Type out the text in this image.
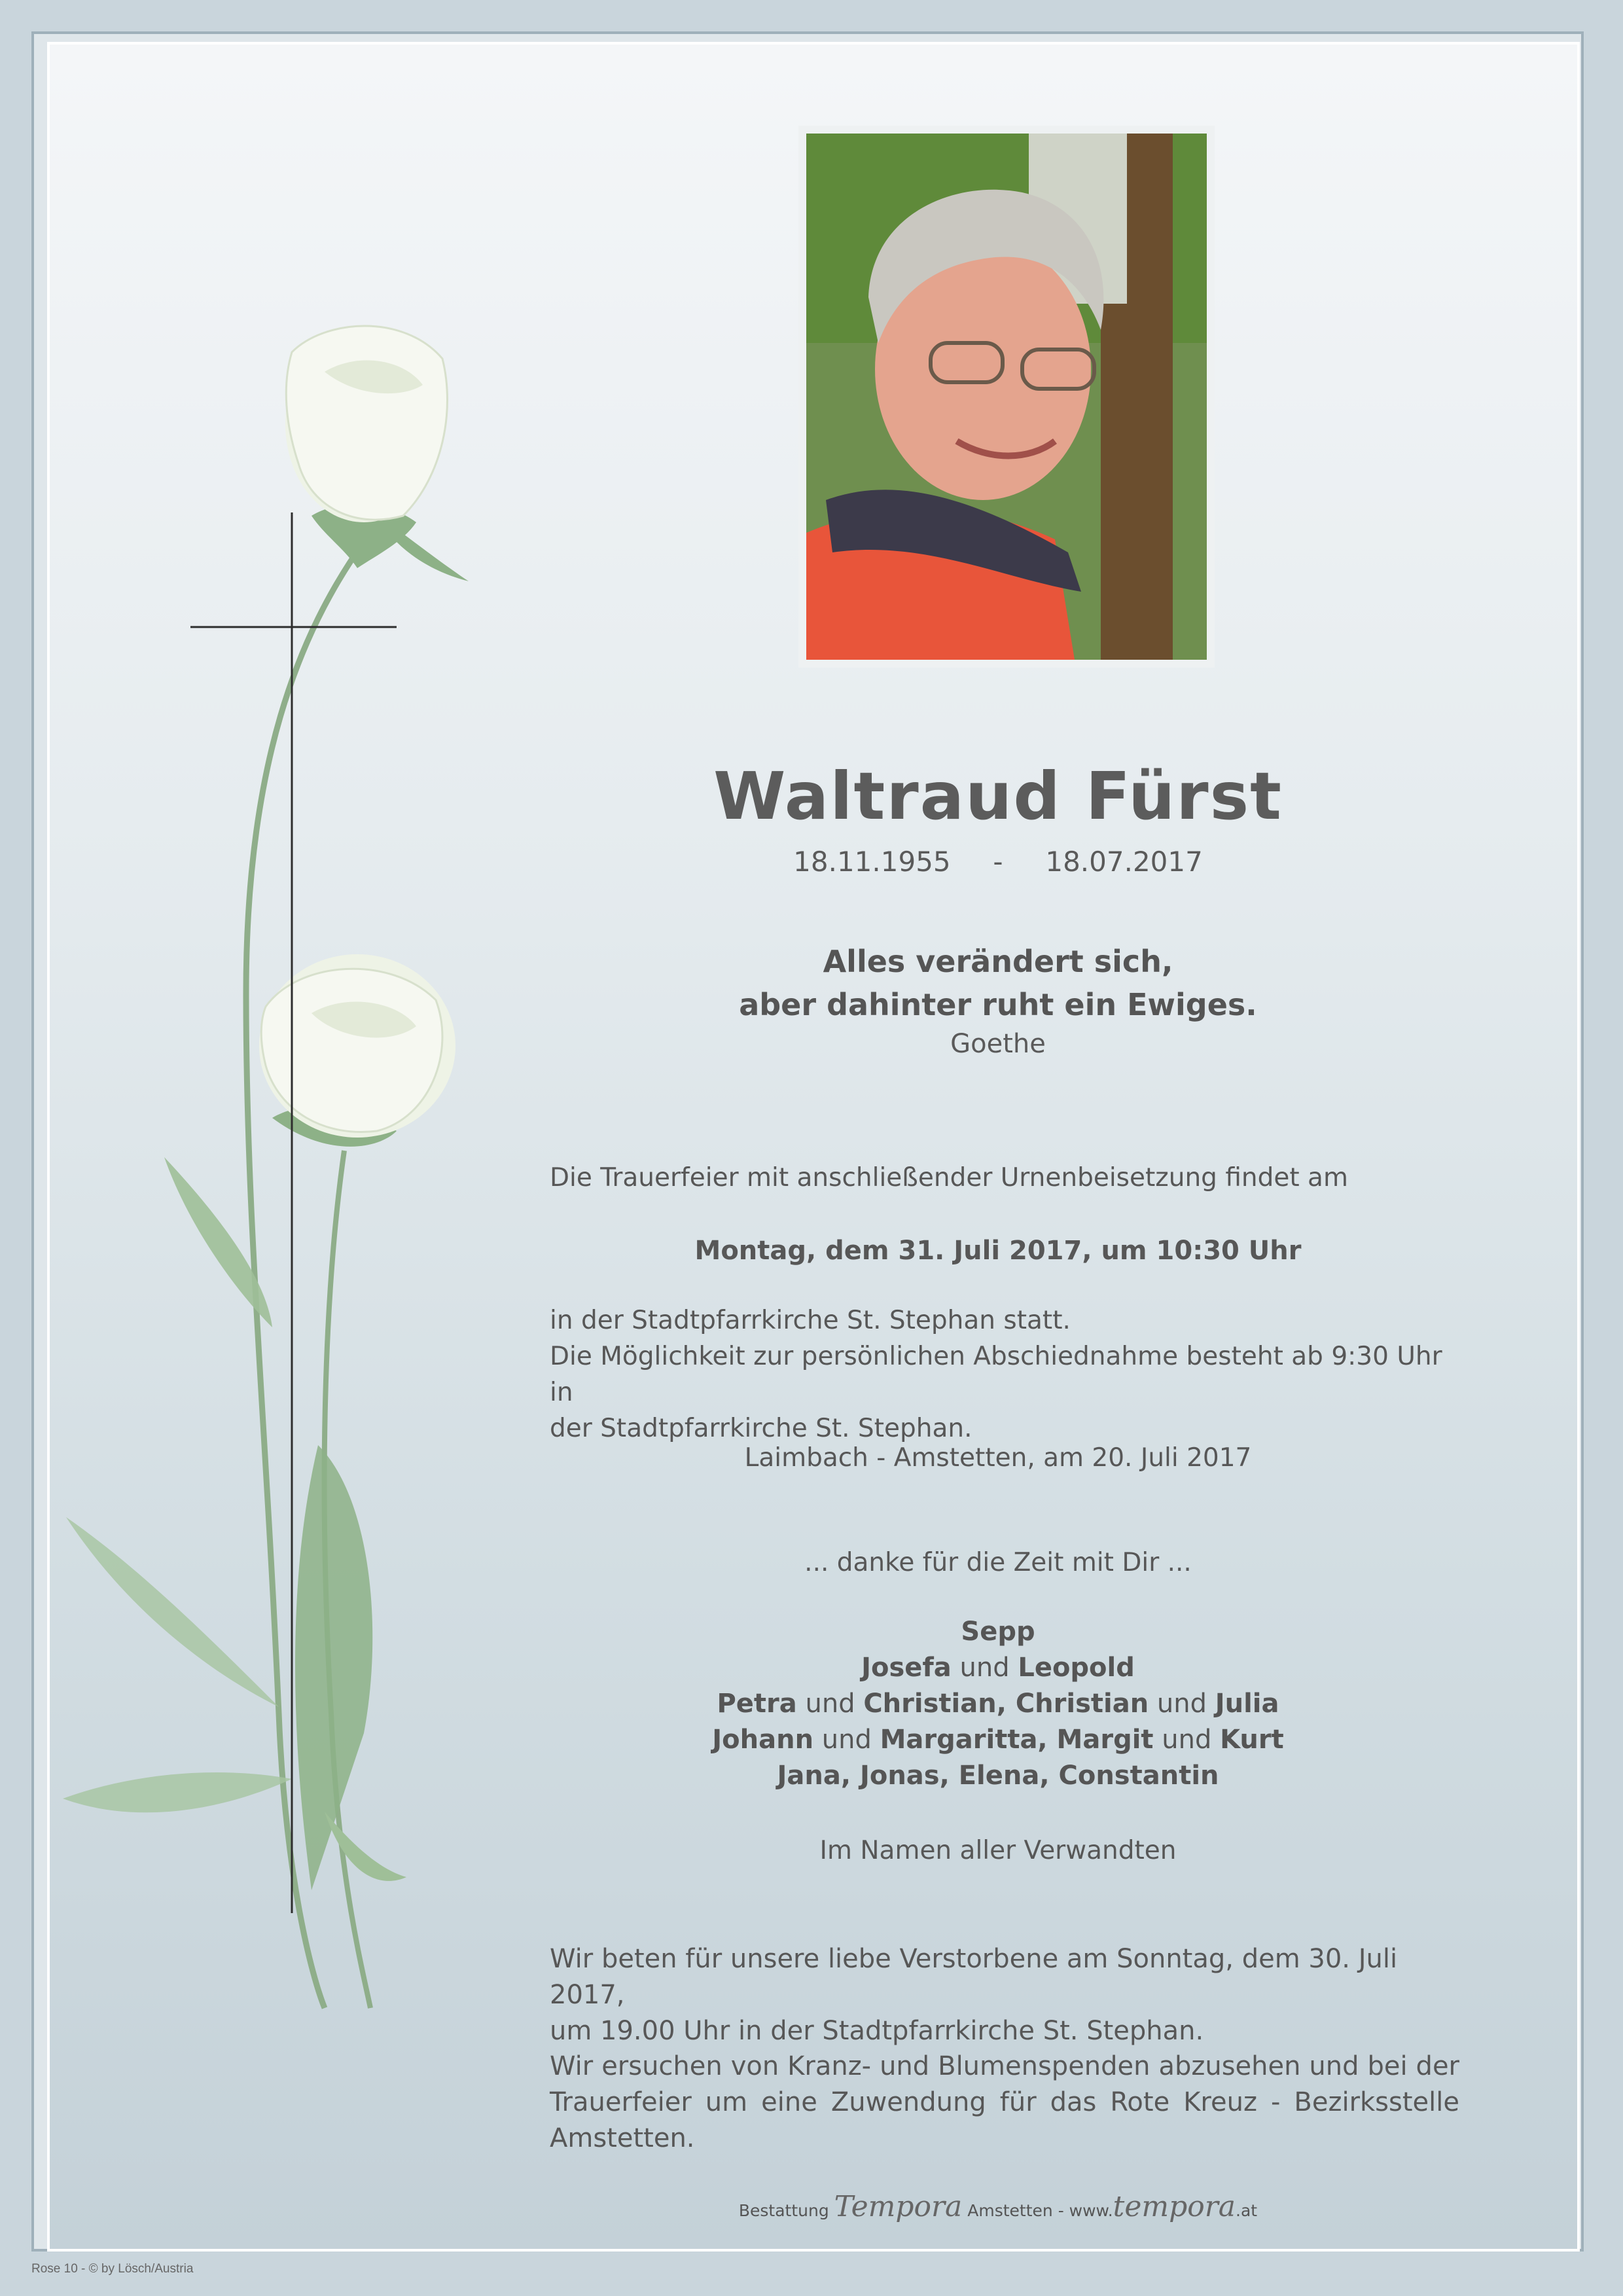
Waltraud Fürst
18.11.1955 - 18.07.2017
Alles verändert sich,
aber dahinter ruht ein Ewiges.
Goethe
Die Trauerfeier mit anschließender Urnenbeisetzung findet am
Montag, dem 31. Juli 2017, um 10:30 Uhr
in der Stadtpfarrkirche St. Stephan statt.
Die Möglichkeit zur persönlichen Abschiednahme besteht ab 9:30 Uhr in
der Stadtpfarrkirche St. Stephan.
Laimbach - Amstetten, am 20. Juli 2017
... danke für die Zeit mit Dir ...
Sepp
Josefa und Leopold
Petra und Christian, Christian und Julia
Johann und Margaritta, Margit und Kurt
Jana, Jonas, Elena, Constantin
Im Namen aller Verwandten
Wir beten für unsere liebe Verstorbene am Sonntag, dem 30. Juli 2017,
um 19.00 Uhr in der Stadtpfarrkirche St. Stephan.
Wir ersuchen von Kranz- und Blumenspenden abzusehen und bei der Trauerfeier um eine Zuwendung für das Rote Kreuz - Bezirksstelle Amstetten.
Bestattung Tempora Amstetten - www.tempora.at
Rose 10 - © by Lösch/Austria
